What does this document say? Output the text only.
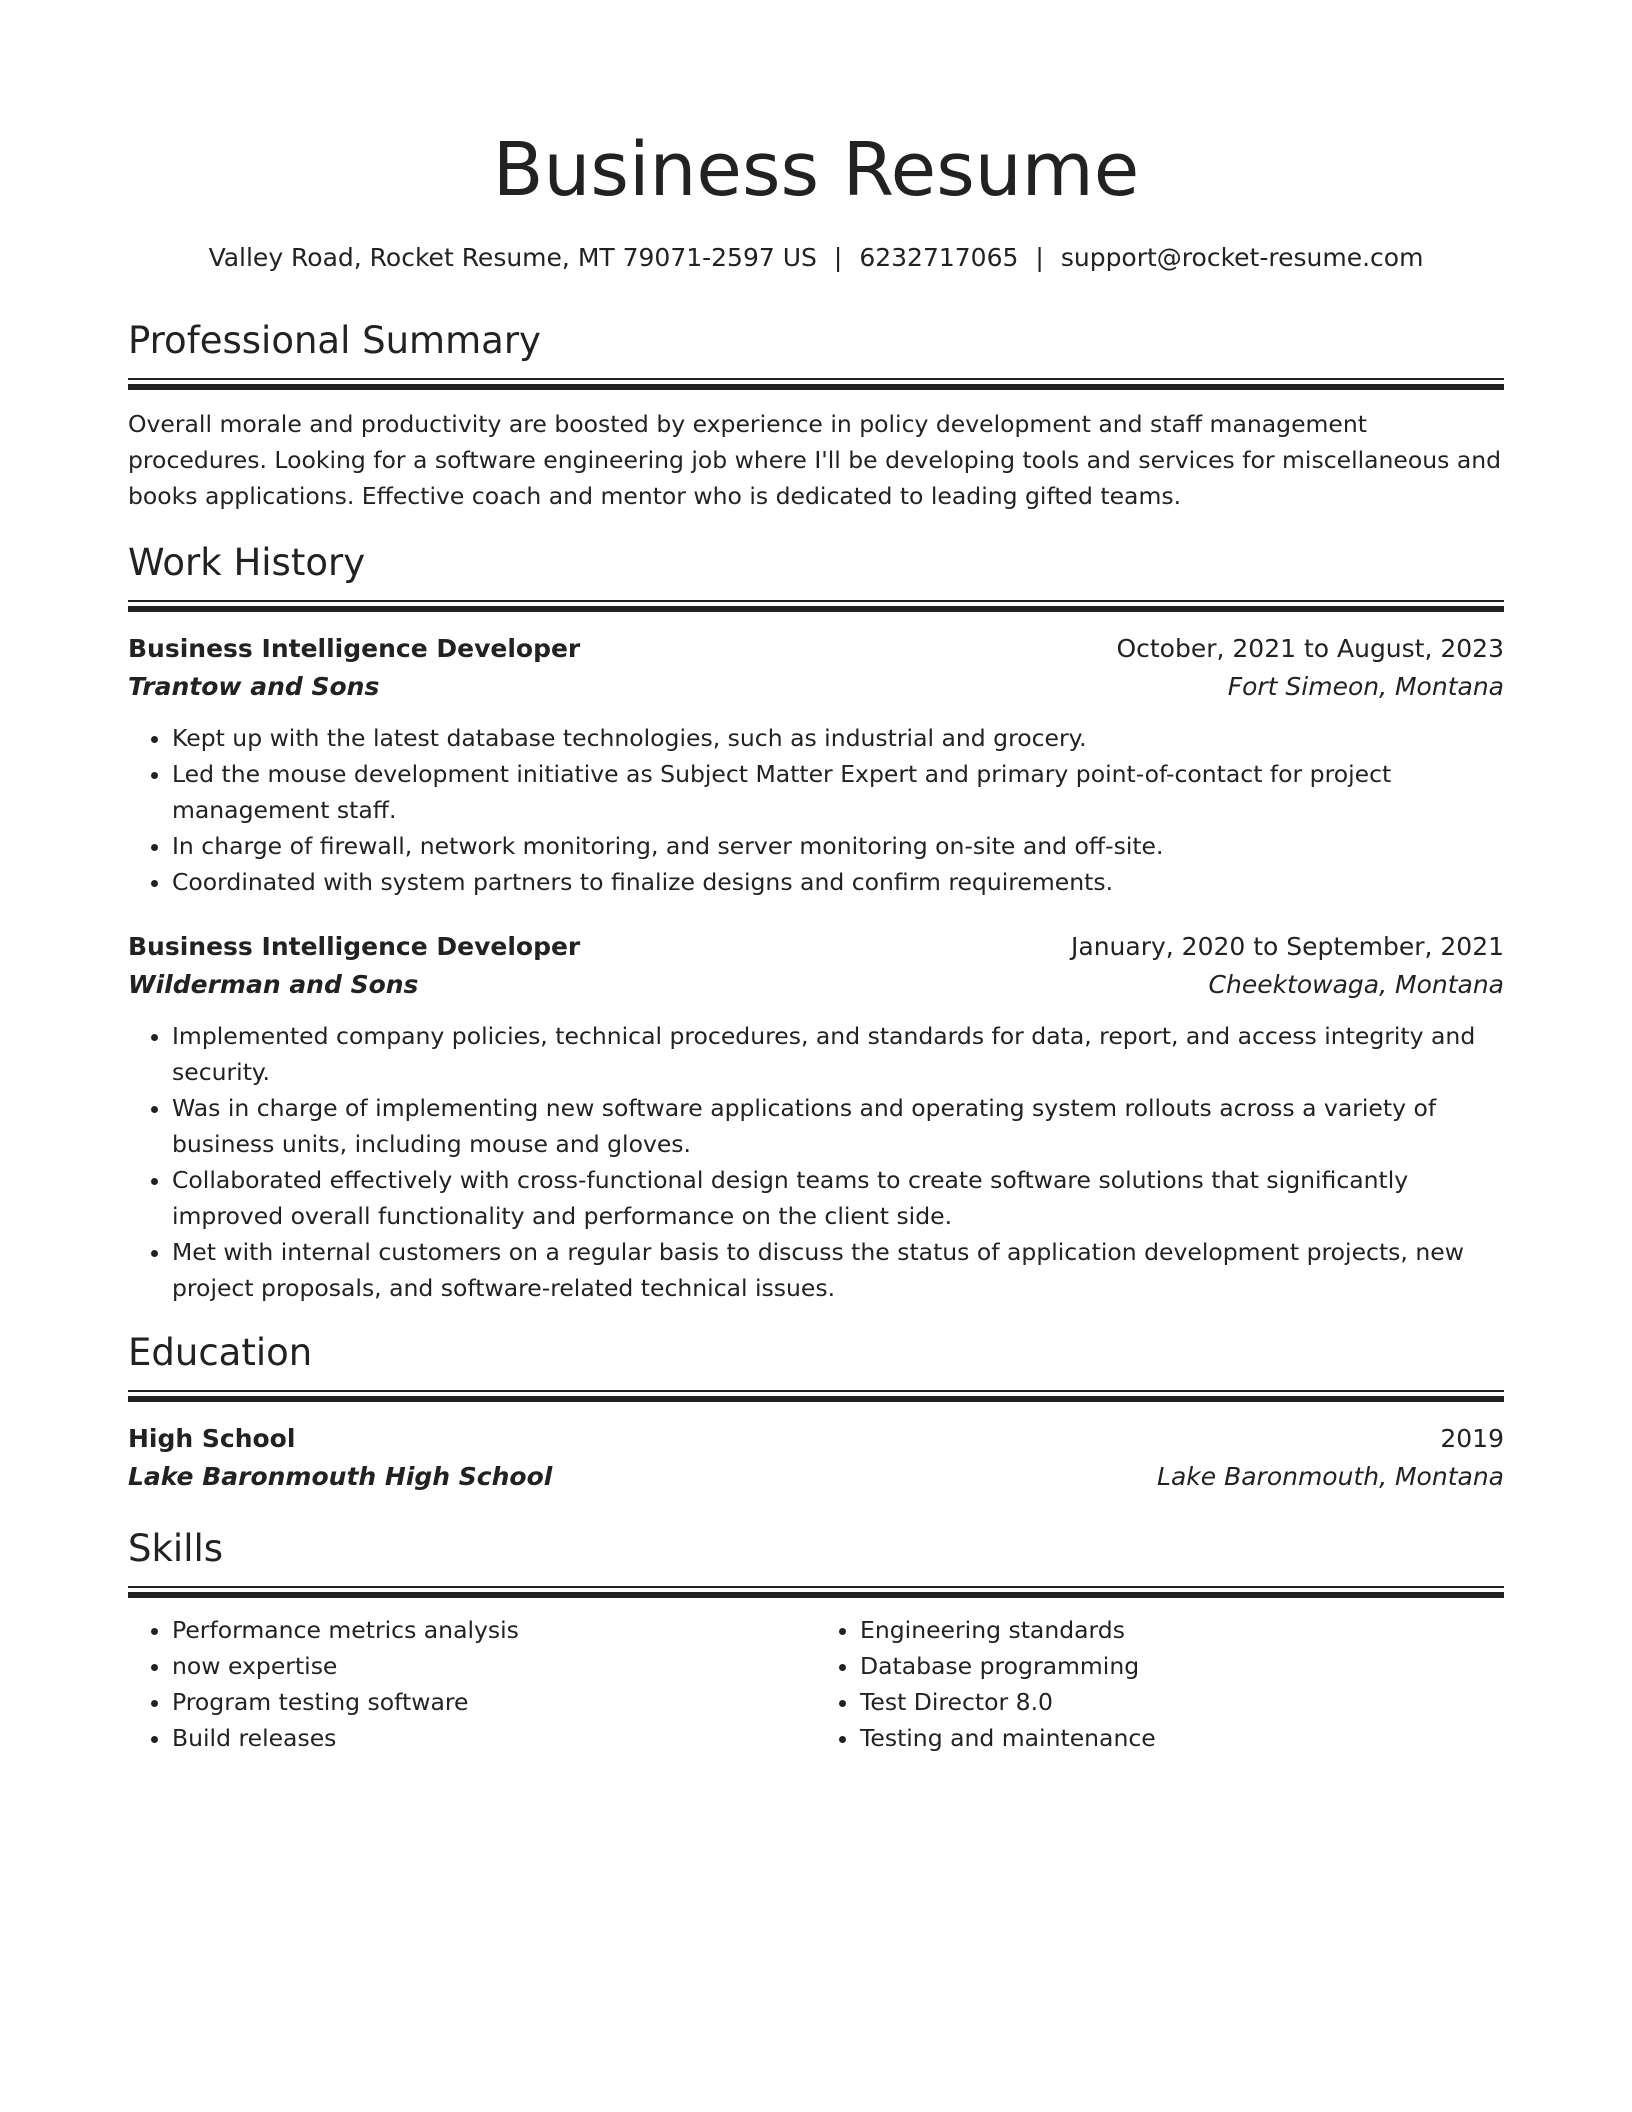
Business Resume
Valley Road, Rocket Resume, MT 79071-2597 US | 6232717065 | support@rocket-resume.com
Professional Summary
Overall morale and productivity are boosted by experience in policy development and staff management procedures. Looking for a software engineering job where I'll be developing tools and services for miscellaneous and books applications. Effective coach and mentor who is dedicated to leading gifted teams.
Work History
Business Intelligence Developer	October, 2021 to August, 2023
Trantow and Sons	Fort Simeon, Montana
• Kept up with the latest database technologies, such as industrial and grocery.
• Led the mouse development initiative as Subject Matter Expert and primary point-of-contact for project management staff.
• In charge of firewall, network monitoring, and server monitoring on-site and off-site.
• Coordinated with system partners to finalize designs and confirm requirements.
Business Intelligence Developer	January, 2020 to September, 2021
Wilderman and Sons	Cheektowaga, Montana
• Implemented company policies, technical procedures, and standards for data, report, and access integrity and security.
• Was in charge of implementing new software applications and operating system rollouts across a variety of business units, including mouse and gloves.
• Collaborated effectively with cross-functional design teams to create software solutions that significantly improved overall functionality and performance on the client side.
• Met with internal customers on a regular basis to discuss the status of application development projects, new project proposals, and software-related technical issues.
Education
High School	2019
Lake Baronmouth High School	Lake Baronmouth, Montana
Skills
• Performance metrics analysis
• now expertise
• Program testing software
• Build releases
• Engineering standards
• Database programming
• Test Director 8.0
• Testing and maintenance
